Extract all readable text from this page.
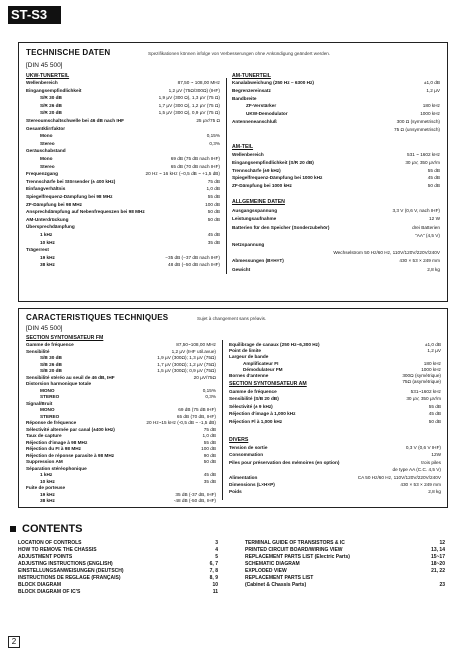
ST-S3
TECHNISCHE DATEN	Spezifikationen können infolge von Verbesserungen ohne Ankündigung geändert werden.
[DIN 45 500]
UKW-TUNERTEIL
Wellenbereich	87,50 ~ 108,00 MHz
Eingangsempfindlichkeit	1,2 µV (75Ω/300Ω) (IHF)
S/R 30 dB	1,9 µV (300 Ω), 1,3 µV (75 Ω)
S/R 26 dB	1,7 µV (300 Ω), 1,2 µV (75 Ω)
S/R 20 dB	1,5 µV (300 Ω), 0,9 µV (75 Ω)
Stereoumschaltschwelle bei 46 dB nach IHF	25 µV/75 Ω
Gesamtklirrfaktor
Mono	0,15%
Stereo	0,3%
Geräuschabstand
Mono	69 dB (75 dB nach IHF)
Stereo	65 dB (70 dB nach IHF)
Frequenzgang	20 Hz ~ 16 kHz (−0,5 dB ~ +1,5 dB)
Trennschärfe bei Störsender (± 400 kHz)	75 dB
Einfangverhältnis	1,0 dB
Spiegelfrequenz-Dämpfung bei 98 MHz	55 dB
ZF-Dämpfung bei 98 MHz	100 dB
Ansprechdämpfung auf Nebenfrequenzen bei 98 MHz	50 dB
AM-Unterdrückung	50 dB
Übersprechdämpfung
1 kHz	45 dB
10 kHz	35 dB
Trägerrest
19 kHz	−35 dB (−37 dB nach IHF)
38 kHz	48 dB (−50 dB nach IHF)
AM-TUNERTEIL
Kanalabweichung (250 Hz ~ 6300 Hz)	±1,0 dB
Begrenzereinsatz	1,2 µV
Bandbreite
ZF-Verstärker	180 kHz
UKW-Demodulator	1000 kHz
Antenneneanschluß	300 Ω (symmetrisch)
75 Ω (unsymmetrisch)
AM-TEIL
Wellenbereich	531 ~ 1602 kHz
Eingangsempfindlichkeit (S/R 20 dB)	30 µV, 350 µV/m
Trennschärfe (±9 kHz)	55 dB
Spiegelfrequenz-Dämpfung bei 1000 kHz	45 dB
ZF-Dämpfung bei 1000 kHz	50 dB
ALLGEMEINE DATEN
Ausgangsspannung	3,3 V (0,6 V, nach IHF)
Leistungsaufnahme	12 W
Batterien für den Speicher (Sonderzubehör)	drei Batterien
"AA" (4,5 V)
Netzspannung
Wechselstrom 50 Hz/60 Hz, 110V/120V/220V/240V
Abmessungen (B×H×T)	430 × 53 × 249 mm
Gewicht	2,8 kg
CARACTERISTIQUES TECHNIQUES	Sujet à changement sans préavis.
[DIN 45 500]
SECTION SYNTONISATEUR FM
Gamme de fréquence	87,50~108,00 MHz
Sensibilité	1,2 µV (IHF util.avue)
S/B 30 dB	1,9 µV (300Ω); 1,3 µV (75Ω)
S/B 26 dB	1,7 µV (300Ω); 1,2 µV (75Ω)
S/B 20 dB	1,5 µV (300Ω); 0,9 µV (75Ω)
Sensibilité stéréo au seuil de 46 dB, IHF	20 µV/75Ω
Distorsion harmonique totale
MONO	0,15%
STEREO	0,3%
Signal/Bruit
MONO	69 dB (75 dB IHF)
STEREO	65 dB (70 dB, IHF)
Réponse de fréquence	20 Hz~15 kHz (-0,5 dB ~ -1,5 dB)
Sélectivité alternée par canal (±400 kHz)	75 dB
Taux de capture	1,0 dB
Réjection d'image à 98 MHz	55 dB
Réjection du FI à 98 MHz	100 dB
Réjection de réponse parasite à 98 MHz	90 dB
Suppression AM	50 dB
Séparation stéréophonique
1 kHz	45 dB
10 kHz	35 dB
Fuite de porteuse
19 kHz	35 dB (-37 dB, IHF)
38 kHz	-48 dB (-50 dB, IHF)
Equilibrage de canaux (250 Hz~6,300 Hz)	±1,0 dB
Point de limite	1,2 µV
Largeur de bande
Amplificateur FI	180 kHz
Démodulateur FM	1000 kHz
Bornes d'antenne	300Ω (symétrique)
75Ω (asymétrique)
SECTION SYNTONISATEUR AM
Gamme de fréquence	531~1602 kHz
Sensibilité (S/B 20 dB)	30 µV, 350 µV/m
Sélectivité (± 9 kHz)	55 dB
Réjection d'image à 1,000 kHz	45 dB
Réjection Fl à 1,000 kHz	50 dB
DIVERS
Tension de sortie	0,3 V (0,6 V IHF)
Consommation	12W
Piles pour préservation des mémoires (en option)	trois piles
de type AA (C.C. 4,5 V)
Alimentation	CA 50 Hz/60 Hz, 110V/120V/220V/240V
Dimensions (L×H×P)	430 × 53 × 249 mm
Poids	2,8 kg
CONTENTS
LOCATION OF CONTROLS	3
HOW TO REMOVE THE CHASSIS	4
ADJUSTMENT POINTS	5
ADJUSTING INSTRUCTIONS (ENGLISH)	6, 7
EINSTELLUNGSANWEISUNGEN (DEUTSCH)	7, 8
INSTRUCTIONS DE REGLAGE (FRANÇAIS)	8, 9
BLOCK DIAGRAM	10
BLOCK DIAGRAM OF IC'S	11
TERMINAL GUIDE OF TRANSISTORS & IC	12
PRINTED CIRCUIT BOARD/WIRING VIEW	13, 14
REPLACEMENT PARTS LIST (Electric Parts)	15~17
SCHEMATIC DIAGRAM	18~20
EXPLODED VIEW	21, 22
REPLACEMENT PARTS LIST
(Cabinet & Chassis Parts)	23
2
